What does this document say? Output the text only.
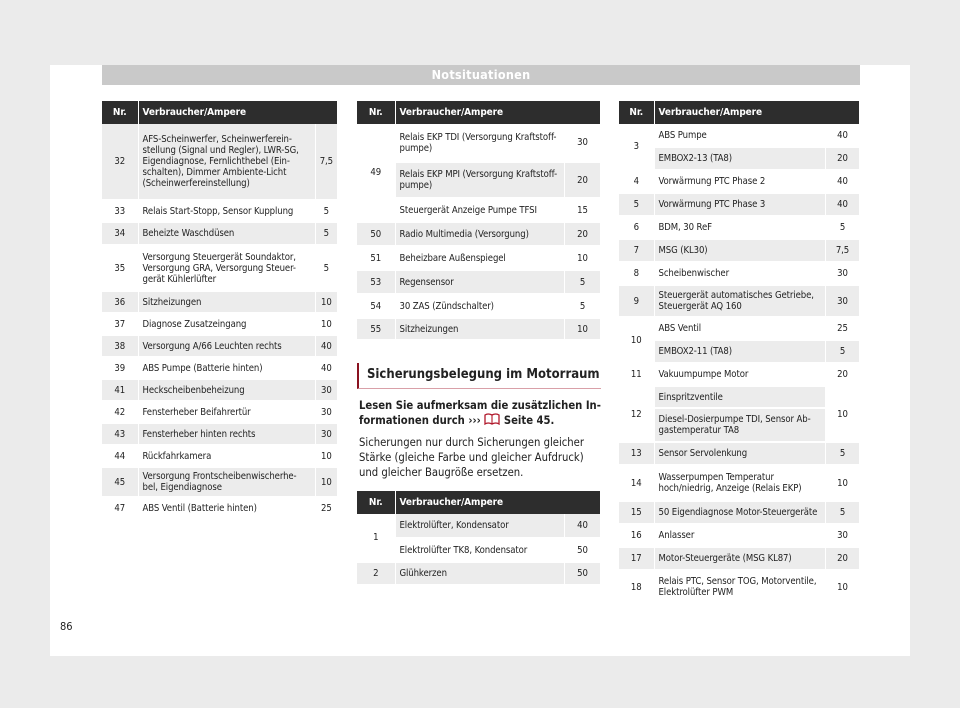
Notsituationen
Nr.	Verbraucher/Ampere	
32	AFS-Scheinwerfer, Scheinwerferein-stellung (Signal und Regler), LWR-SG, Eigendiagnose, Fernlichthebel (Ein-schalten), Dimmer Ambiente-Licht (Scheinwerfereinstellung)	7,5
33	Relais Start-Stopp, Sensor Kupplung	5
34	Beheizte Waschdüsen	5
35	Versorgung Steuergerät Soundaktor, Versorgung GRA, Versorgung Steuer-gerät Kühlerlüfter	5
36	Sitzheizungen	10
37	Diagnose Zusatzeingang	10
38	Versorgung A/66 Leuchten rechts	40
39	ABS Pumpe (Batterie hinten)	40
41	Heckscheibenbeheizung	30
42	Fensterheber Beifahrertür	30
43	Fensterheber hinten rechts	30
44	Rückfahrkamera	10
45	Versorgung Frontscheibenwischerhe-bel, Eigendiagnose	10
47	ABS Ventil (Batterie hinten)	25
Nr.	Verbraucher/Ampere	
49	Relais EKP TDI (Versorgung Kraftstoff-pumpe)	30
	Relais EKP MPI (Versorgung Kraftstoff-pumpe)	20
	Steuergerät Anzeige Pumpe TFSI	15
50	Radio Multimedia (Versorgung)	20
51	Beheizbare Außenspiegel	10
53	Regensensor	5
54	30 ZAS (Zündschalter)	5
55	Sitzheizungen	10
Sicherungsbelegung im Motorraum
Lesen Sie aufmerksam die zusätzlichen In-formationen durch ››› Seite 45.
Sicherungen nur durch Sicherungen gleicher Stärke (gleiche Farbe und gleicher Aufdruck) und gleicher Baugröße ersetzen.
Nr.	Verbraucher/Ampere	
1	Elektrolüfter, Kondensator	40
	Elektrolüfter TK8, Kondensator	50
2	Glühkerzen	50
Nr.	Verbraucher/Ampere	
3	ABS Pumpe	40
	EMBOX2-13 (TA8)	20
4	Vorwärmung PTC Phase 2	40
5	Vorwärmung PTC Phase 3	40
6	BDM, 30 ReF	5
7	MSG (KL30)	7,5
8	Scheibenwischer	30
9	Steuergerät automatisches Getriebe, Steuergerät AQ 160	30
10	ABS Ventil	25
	EMBOX2-11 (TA8)	5
11	Vakuumpumpe Motor	20
12	Einspritzventile	10
	Diesel-Dosierpumpe TDI, Sensor Ab-gastemperatur TA8	
13	Sensor Servolenkung	5
14	Wasserpumpen Temperatur hoch/niedrig, Anzeige (Relais EKP)	10
15	50 Eigendiagnose Motor-Steuergeräte	5
16	Anlasser	30
17	Motor-Steuergeräte (MSG KL87)	20
18	Relais PTC, Sensor TOG, Motorventile, Elektrolüfter PWM	10
86
